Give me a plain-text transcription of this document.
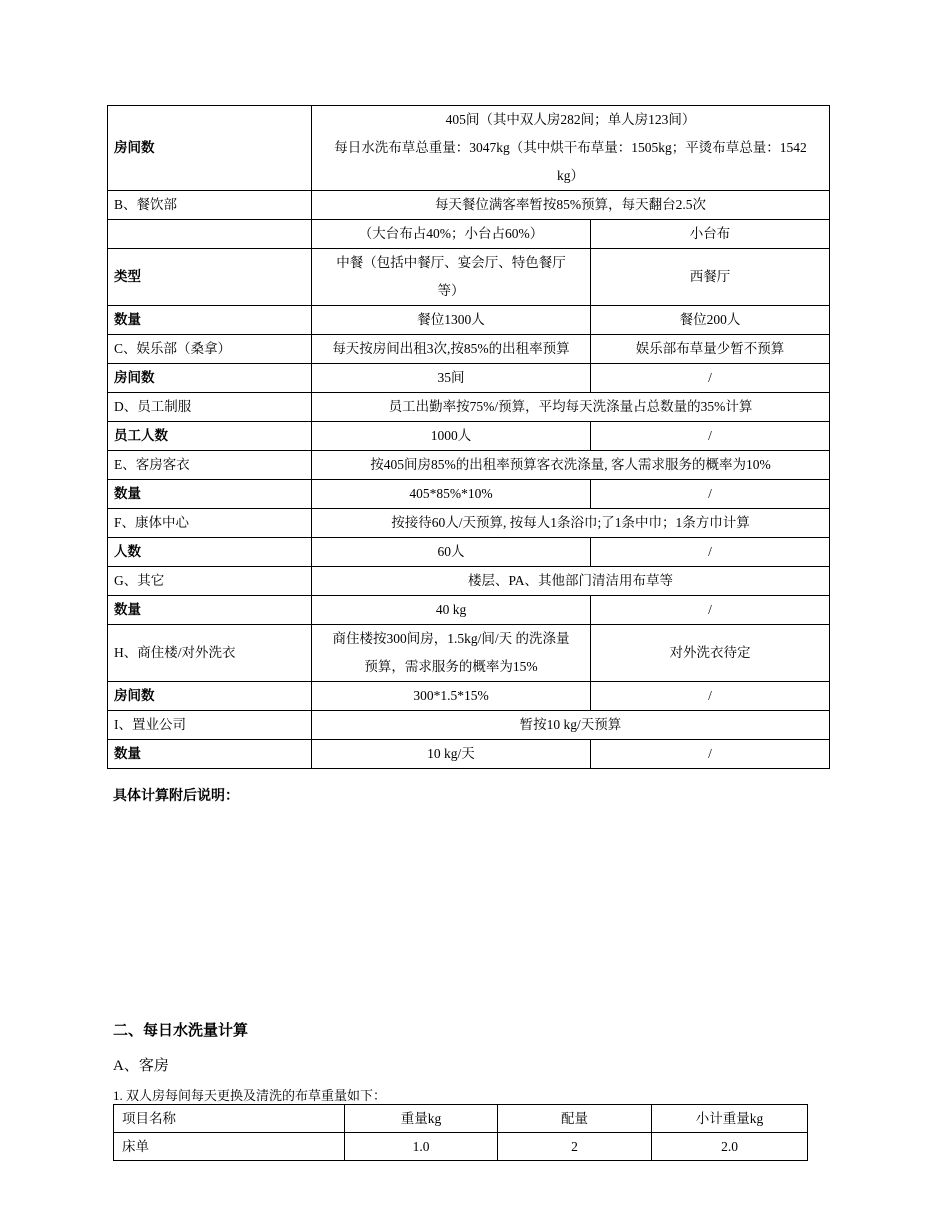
房间数	405间（其中双人房282间；单人房123间）
每日水洗布草总重量：3047kg（其中烘干布草量：1505kg；平烫布草总量：1542
kg）	

B、餐饮部	每天餐位满客率暂按85%预算，每天翻台2.5次	
	（大台布占40%；小台占60%）	小台布
类型	中餐（包括中餐厅、宴会厅、特色餐厅
等）	西餐厅
数量	餐位1300人	餐位200人
C、娱乐部（桑拿）	每天按房间出租3次,按85%的出租率预算	娱乐部布草量少暂不预算
房间数	35间	/
D、员工制服	员工出勤率按75%/预算，平均每天洗涤量占总数量的35%计算	
员工人数	1000人	/
E、客房客衣	按405间房85%的出租率预算客衣洗涤量, 客人需求服务的概率为10%	
数量	405*85%*10%	/
F、康体中心	按接待60人/天预算, 按每人1条浴巾;了1条中巾；1条方巾计算	
人数	60人	/
G、其它	楼层、PA、其他部门清洁用布草等	
数量	40 kg	/
H、商住楼/对外洗衣	商住楼按300间房，1.5kg/间/天 的洗涤量
预算，需求服务的概率为15%	对外洗衣待定
房间数	300*1.5*15%	/
I、置业公司	暂按10 kg/天预算	
数量	10 kg/天	/
具体计算附后说明：
二、每日水洗量计算
A、客房
1. 双人房每间每天更换及清洗的布草重量如下：
项目名称	重量kg	配量	小计重量kg
床单	1.0	2	2.0
